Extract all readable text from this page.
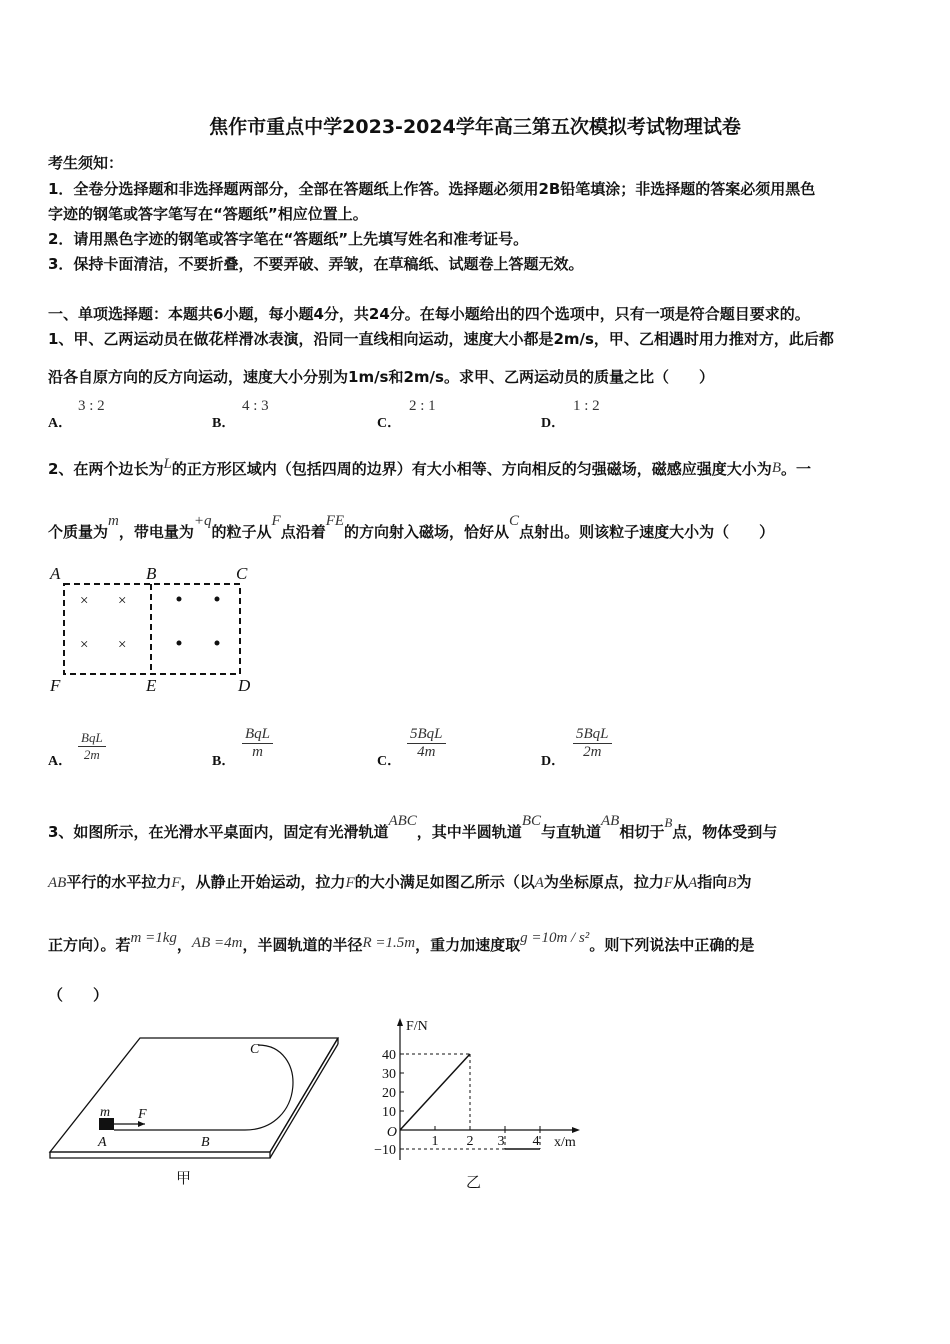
焦作市重点中学2023-2024学年高三第五次模拟考试物理试卷
考生须知：
1．全卷分选择题和非选择题两部分，全部在答题纸上作答。选择题必须用2B铅笔填涂；非选择题的答案必须用黑色
字迹的钢笔或答字笔写在“答题纸”相应位置上。
2．请用黑色字迹的钢笔或答字笔在“答题纸”上先填写姓名和准考证号。
3．保持卡面清洁，不要折叠，不要弄破、弄皱，在草稿纸、试题卷上答题无效。
一、单项选择题：本题共6小题，每小题4分，共24分。在每小题给出的四个选项中，只有一项是符合题目要求的。
1、甲、乙两运动员在做花样滑冰表演，沿同一直线相向运动，速度大小都是2m/s，甲、乙相遇时用力推对方，此后都
沿各自原方向的反方向运动，速度大小分别为1m/s和2m/s。求甲、乙两运动员的质量之比（　　）
A．
3 : 2
B．
4 : 3
C．
2 : 1
D．
1 : 2
2、在两个边长为L的正方形区域内（包括四周的边界）有大小相等、方向相反的匀强磁场，磁感应强度大小为B。一
个质量为m，带电量为+q的粒子从F点沿着FE的方向射入磁场，恰好从C点射出。则该粒子速度大小为（　　）
× ×
× ×
A	B	C
F	E	D
A．
BqL
2m	B．
BqL
m
C．
5BqL
4m
D．
5BqL
2m
3、如图所示，在光滑水平桌面内，固定有光滑轨道ABC，其中半圆轨道BC与直轨道AB相切于B点，物体受到与
AB平行的水平拉力F，从静止开始运动，拉力F的大小满足如图乙所示（以A为坐标原点，拉力F从A指向B为
正方向）。若m =1kg，AB =4m，半圆轨道的半径R =1.5m，重力加速度取g =10m / s²。则下列说法中正确的是
（　　）
C
m F
A	B
甲
F/N
x/m
40
30
20
10
O
−10
1 2 3 4
乙
